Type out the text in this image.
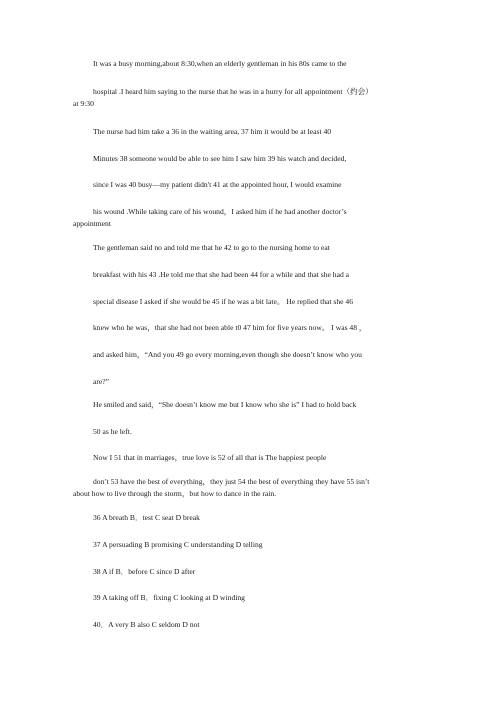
It was a busy morning,about 8:30,when an elderly gentleman in his 80s came to the
hospital .I heard him saying to the nurse that he was in a hurry for all appointment（约会）
at 9:30
The nurse had him take a 36 in the waiting area, 37 him it would be at least 40
Minutes 38 someone would be able to see him I saw him 39 his watch and decided,
since I was 40 busy—my patient didn't 41 at the appointed hour, I would examine
his wound .While taking care of his wound，I asked him if he had another doctor’s
appointment
The gentleman said no and told me that he 42 to go to the nursing home to eat
breakfast with his 43 .He told me that she had been 44 for a while and that she had a
special disease I asked if she would be 45 if he was a bit late。 He replied that she 46
knew who he was，that she had not been able t0 47 him for five years now。 I was 48 ，
and asked him，“And you 49 go every morning,even though she doesn’t know who you
are?”
He smiled and said，“She doesn’t know me but I know who she is” I had to hold back
50 as he left.
Now I 51 that in marriages，true love is 52 of all that is The happiest people
don’t 53 have the best of everything，they just 54 the best of everything they have 55 isn’t
about how to live through the storm，but how to dance in the rain.
36 A breath B．test C seat D break
37 A persuading B promising C understanding D telling
38 A if B．before C since D after
39 A taking off B．fixing C looking at D winding
40．A very B also C seldom D not
